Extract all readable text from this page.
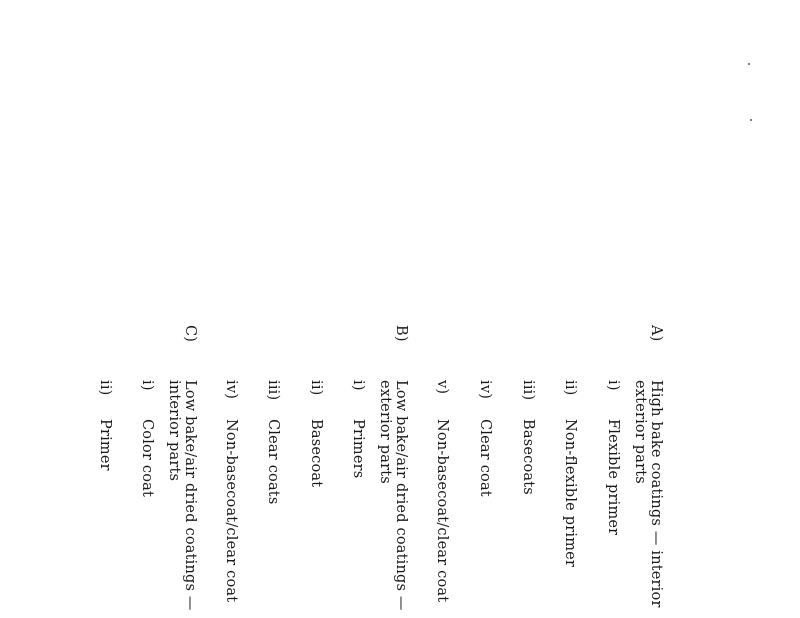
A)
High bake coatings — interior
exterior parts
i)
Flexible primer
ii)
Non-flexible primer
iii)
Basecoats
iv)
Clear coat
v)
Non-basecoat/clear coat
B)
Low bake/air dried coatings —
exterior parts
i)
Primers
ii)
Basecoat
iii)
Clear coats
iv)
Non-basecoat/clear coat
C)
Low bake/air dried coatings —
interior parts
i)
Color coat
ii)
Primer
